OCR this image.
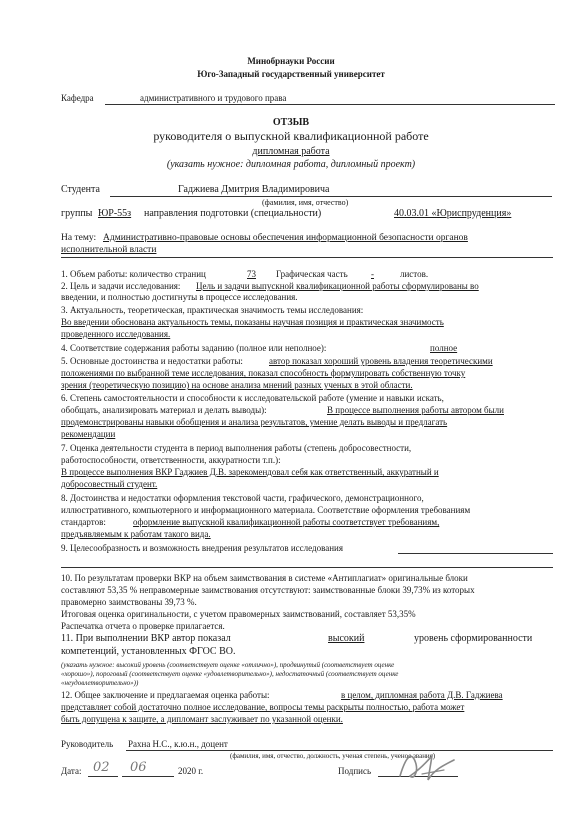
Минобрнауки России
Юго-Западный государственный университет
Кафедра	административного и трудового права
ОТЗЫВ
руководителя о выпускной квалификационной работе
дипломная работа
(указать нужное: дипломная работа, дипломный проект)
Студента	Гаджиева Дмитрия Владимировича
(фамилия, имя, отчество)
группы ЮР-55з направления подготовки (специальности)	40.03.01 «Юриспруденция»
На тему: Административно-правовые основы обеспечения информационной безопасности органов
исполнительной власти
1. Объем работы: количество страниц	73 Графическая часть	-	листов.
2. Цель и задачи исследования: Цель и задачи выпускной квалификационной работы сформулированы во
введении, и полностью достигнуты в процессе исследования.
3. Актуальность, теоретическая, практическая значимость темы исследования:
Во введении обоснована актуальность темы, показаны научная позиция и практическая значимость
проведенного исследования.
4. Соответствие содержания работы заданию (полное или неполное):	полное
5. Основные достоинства и недостатки работы:	автор показал хороший уровень владения теоретическими
положениями по выбранной теме исследования, показал способность формулировать собственную точку
зрения (теоретическую позицию) на основе анализа мнений разных ученых в этой области.
6. Степень самостоятельности и способности к исследовательской работе (умение и навыки искать,
обобщать, анализировать материал и делать выводы):	В процессе выполнения работы автором были
продемонстрированы навыки обобщения и анализа результатов, умение делать выводы и предлагать
рекомендации
7. Оценка деятельности студента в период выполнения работы (степень добросовестности,
работоспособности, ответственности, аккуратности т.п.):
В процессе выполнения ВКР Гаджиев Д.В. зарекомендовал себя как ответственный, аккуратный и
добросовестный студент.
8. Достоинства и недостатки оформления текстовой части, графического, демонстрационного,
иллюстративного, компьютерного и информационного материала. Соответствие оформления требованиям
стандартов:	оформление выпускной квалификационной работы соответствует требованиям,
предъявляемым к работам такого вида.
9. Целесообразность и возможность внедрения результатов исследования
10. По результатам проверки ВКР на объем заимствования в системе «Антиплагиат» оригинальные блоки
составляют 53,35 % неправомерные заимствования отсутствуют: заимствованные блоки 39,73% из которых
правомерно заимствованы 39,73 %.
Итоговая оценка оригинальности, с учетом правомерных заимствований, составляет 53,35%
Распечатка отчета о проверке прилагается.
11. При выполнении ВКР автор показал	высокий	уровень сформированности
компетенций, установленных ФГОС ВО.
(указать нужное: высокий уровень (соответствует оценке «отлично»), продвинутый (соответствует оценке
«хорошо»), пороговый (соответствует оценке «удовлетворительно»), недостаточный (соответствует оценке
«неудовлетворительно»))
12. Общее заключение и предлагаемая оценка работы:	в целом, дипломная работа Д.В. Гаджиева
представляет собой достаточно полное исследование, вопросы темы раскрыты полностью, работа может
быть допущена к защите, а дипломант заслуживает по указанной оценки.
Руководитель Рахна Н.С., к.ю.н., доцент
(фамилия, имя, отчество, должность, ученая степень, ученое звание)
Дата: 02 06	2020 г.	Подпись
